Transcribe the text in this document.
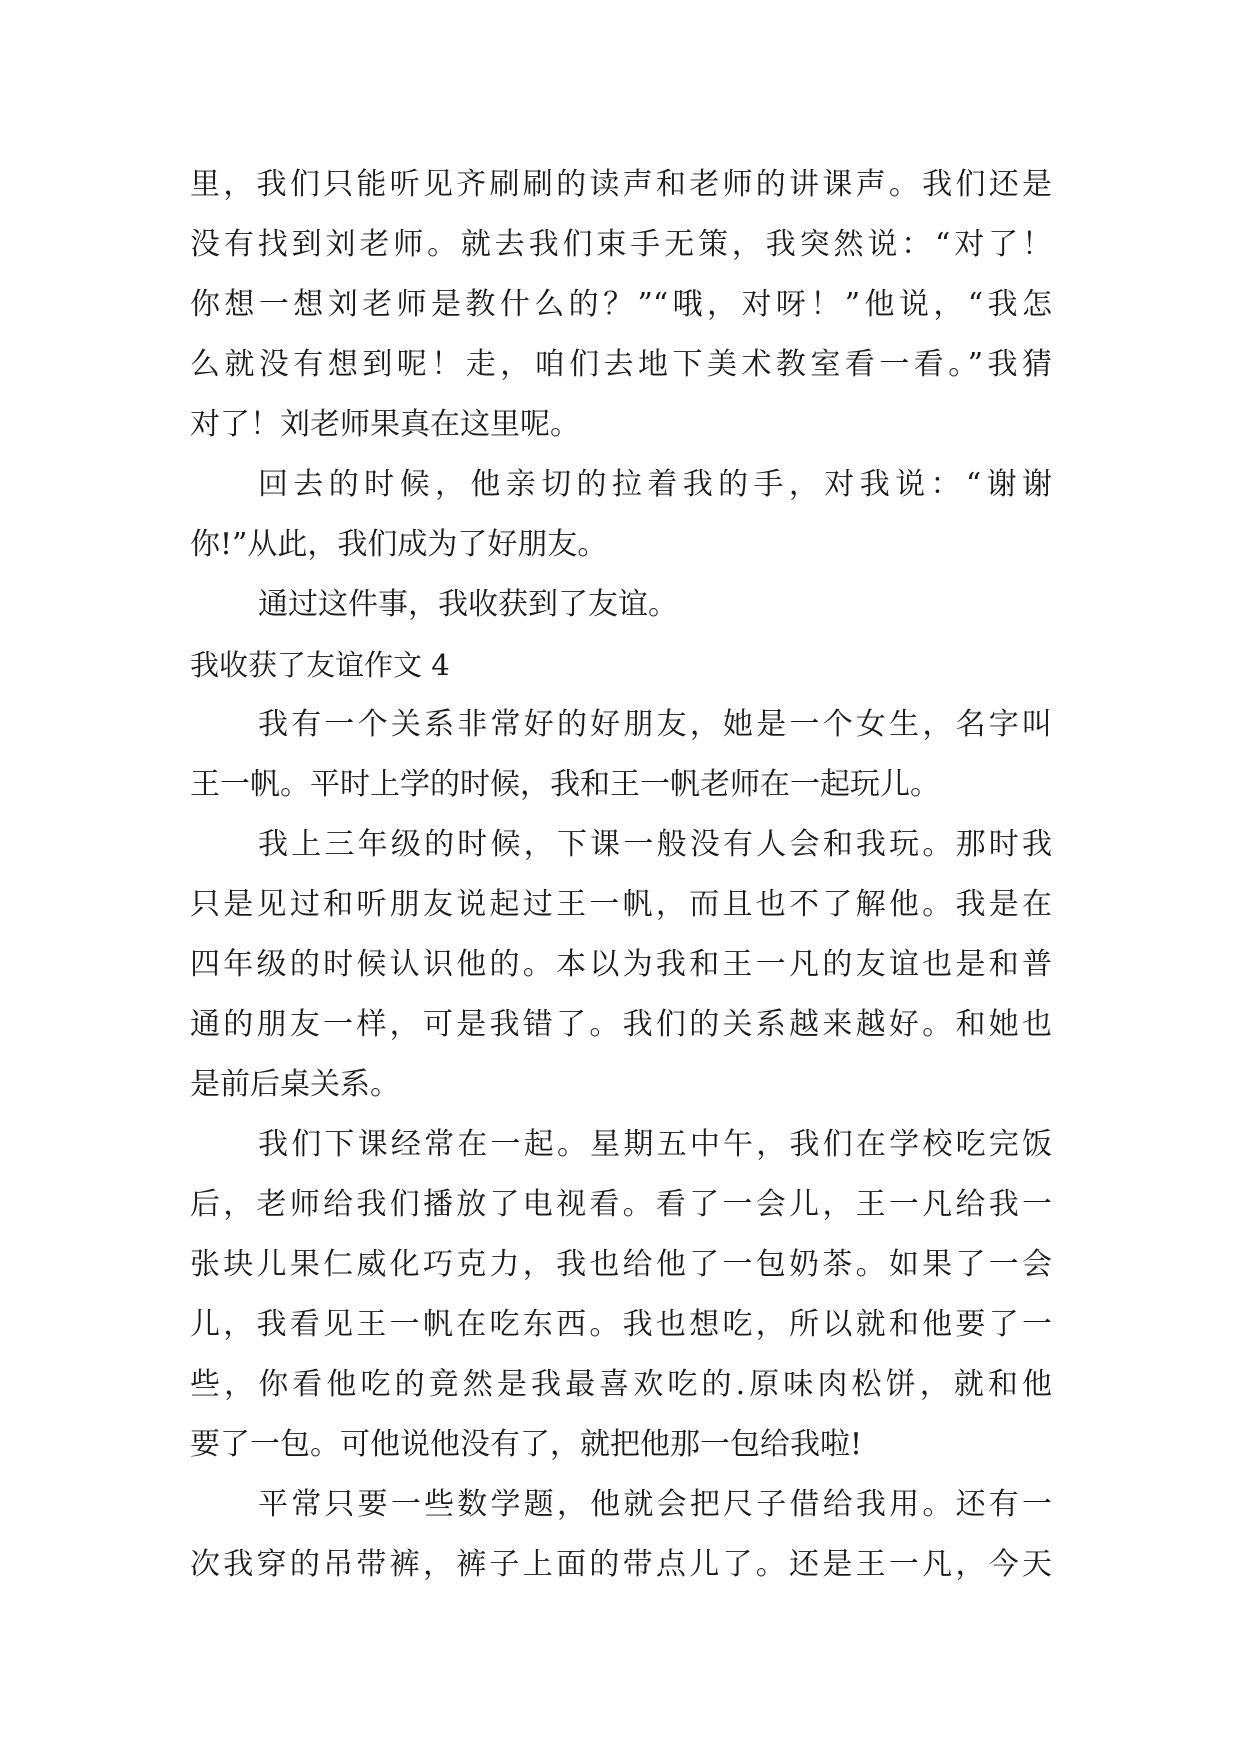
里，我们只能听见齐刷刷的读声和老师的讲课声。我们还是
没有找到刘老师。就去我们束手无策，我突然说：“对了！
你想一想刘老师是教什么的？”“哦，对呀！”他说，“我怎
么就没有想到呢！走，咱们去地下美术教室看一看。”我猜
对了！刘老师果真在这里呢。
回去的时候，他亲切的拉着我的手，对我说：“谢谢
你!”从此，我们成为了好朋友。
通过这件事，我收获到了友谊。
我收获了友谊作文 4
我有一个关系非常好的好朋友，她是一个女生，名字叫
王一帆。平时上学的时候，我和王一帆老师在一起玩儿。
我上三年级的时候，下课一般没有人会和我玩。那时我
只是见过和听朋友说起过王一帆，而且也不了解他。我是在
四年级的时候认识他的。本以为我和王一凡的友谊也是和普
通的朋友一样，可是我错了。我们的关系越来越好。和她也
是前后桌关系。
我们下课经常在一起。星期五中午，我们在学校吃完饭
后，老师给我们播放了电视看。看了一会儿，王一凡给我一
张块儿果仁威化巧克力，我也给他了一包奶茶。如果了一会
儿，我看见王一帆在吃东西。我也想吃，所以就和他要了一
些，你看他吃的竟然是我最喜欢吃的.原味肉松饼，就和他
要了一包。可他说他没有了，就把他那一包给我啦!
平常只要一些数学题，他就会把尺子借给我用。还有一
次我穿的吊带裤，裤子上面的带点儿了。还是王一凡，今天
